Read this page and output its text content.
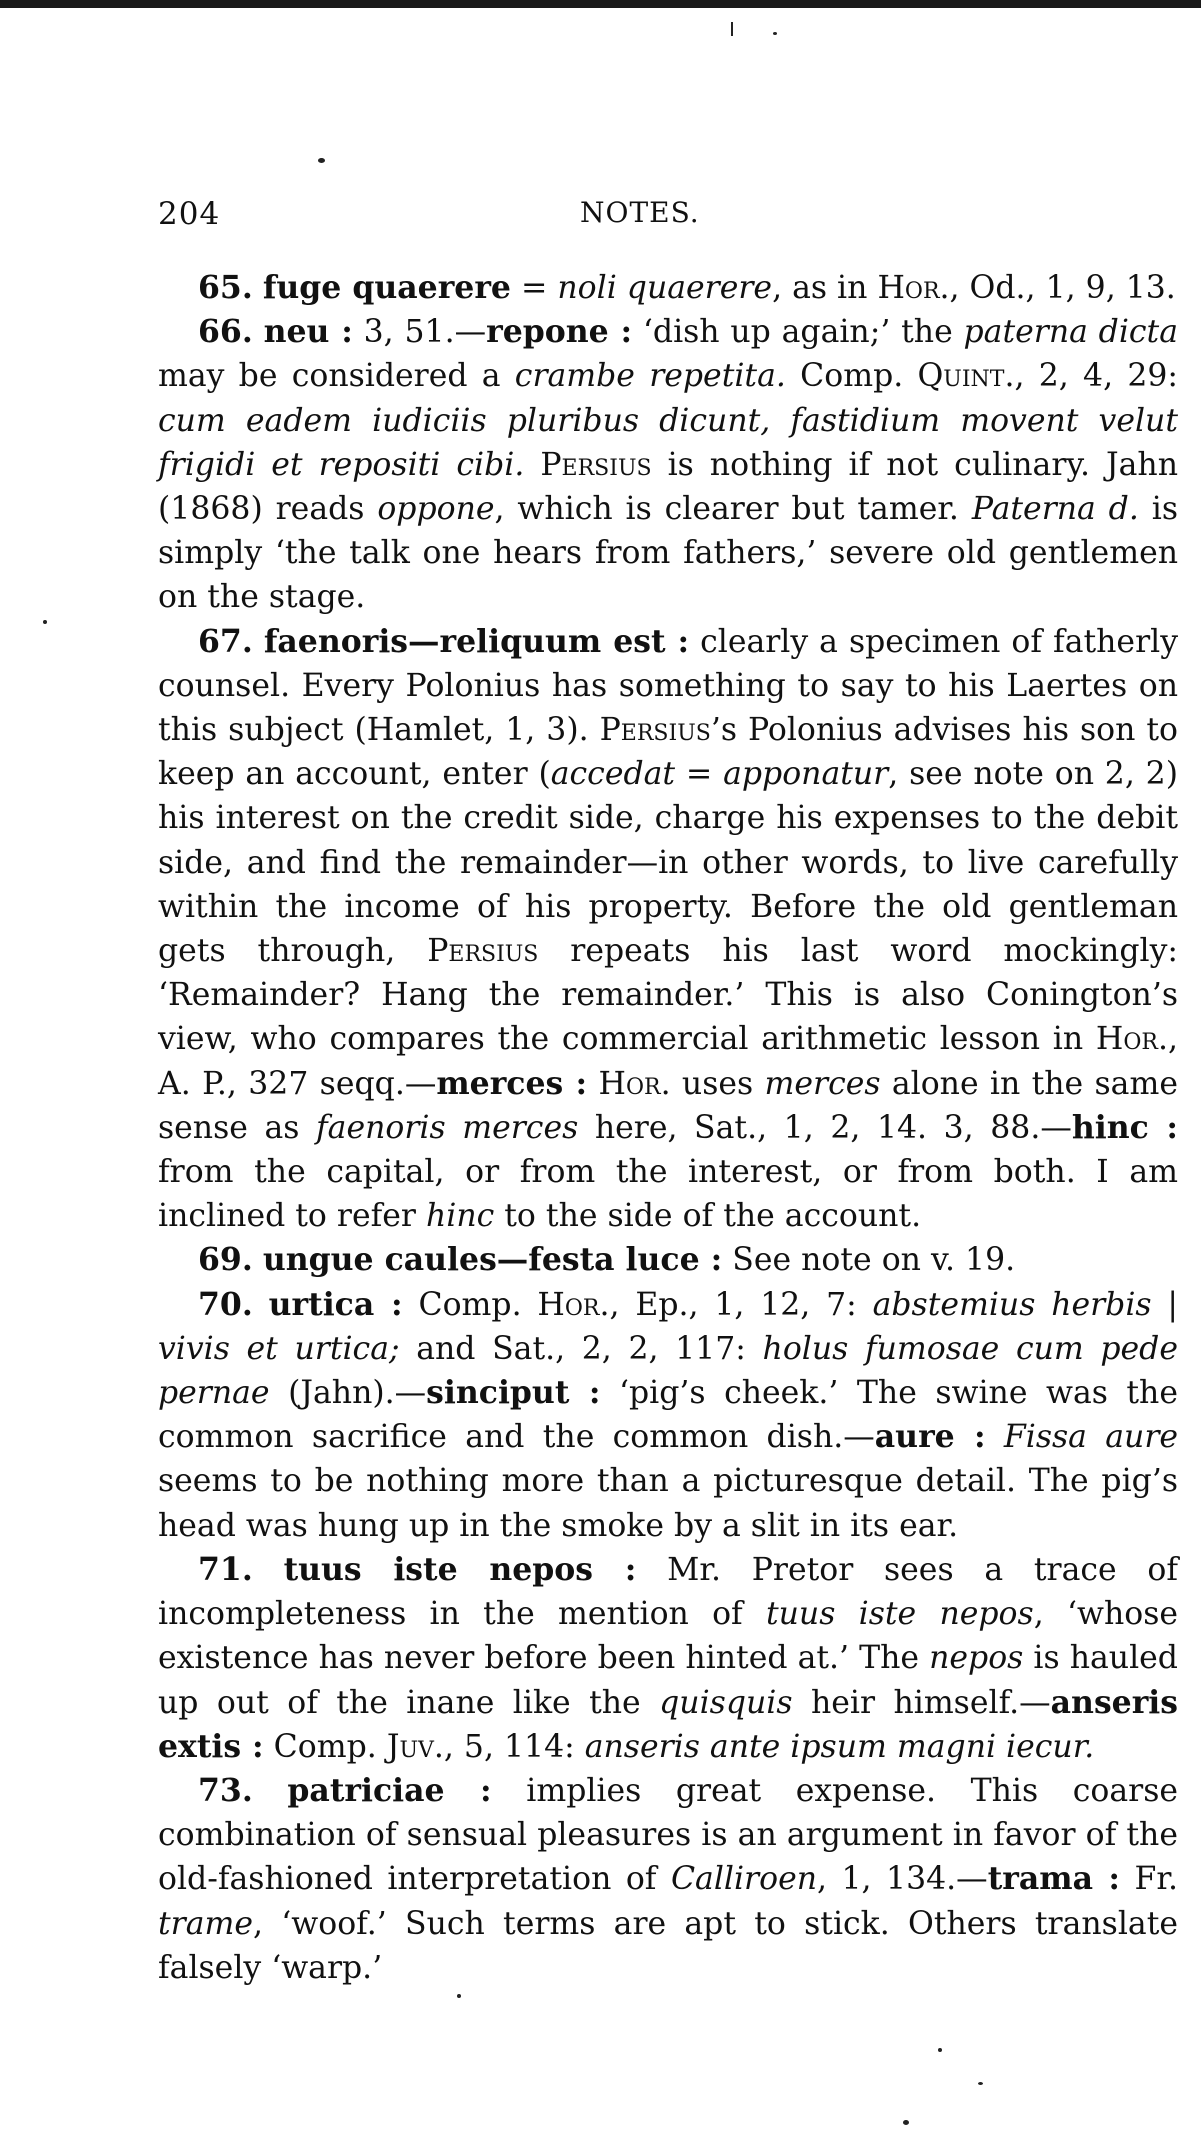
204	NOTES.

65. fuge quaerere = noli quaerere, as in Hor., Od., 1, 9, 13.

66. neu : 3, 51.—repone : ‘dish up again;’ the paterna dicta may be considered a crambe repetita. Comp. Quint., 2, 4, 29: cum eadem iudiciis pluribus dicunt, fastidium movent velut frigidi et repositi cibi. Persius is nothing if not culinary. Jahn (1868) reads oppone, which is clearer but tamer. Paterna d. is simply ‘the talk one hears from fathers,’ severe old gentlemen on the stage.

67. faenoris—reliquum est : clearly a specimen of fatherly counsel. Every Polonius has something to say to his Laertes on this subject (Hamlet, 1, 3). Persius’s Polonius advises his son to keep an account, enter (accedat = apponatur, see note on 2, 2) his interest on the credit side, charge his expenses to the debit side, and find the remainder—in other words, to live carefully within the income of his property. Before the old gentleman gets through, Persius repeats his last word mockingly: ‘Remainder? Hang the remainder.’ This is also Conington’s view, who compares the commercial arithmetic lesson in Hor., A. P., 327 seqq.—merces : Hor. uses merces alone in the same sense as faenoris merces here, Sat., 1, 2, 14. 3, 88.—hinc : from the capital, or from the interest, or from both. I am inclined to refer hinc to the side of the account.

69. ungue caules—festa luce : See note on v. 19.

70. urtica : Comp. Hor., Ep., 1, 12, 7: abstemius herbis | vivis et urtica; and Sat., 2, 2, 117: holus fumosae cum pede pernae (Jahn).—sinciput : ‘pig’s cheek.’ The swine was the common sacrifice and the common dish.—aure : Fissa aure seems to be nothing more than a picturesque detail. The pig’s head was hung up in the smoke by a slit in its ear.

71. tuus iste nepos : Mr. Pretor sees a trace of incompleteness in the mention of tuus iste nepos, ‘whose existence has never before been hinted at.’ The nepos is hauled up out of the inane like the quisquis heir himself.—anseris extis : Comp. Juv., 5, 114: anseris ante ipsum magni iecur.

73. patriciae : implies great expense. This coarse combination of sensual pleasures is an argument in favor of the old-fashioned interpretation of Calliroen, 1, 134.—trama : Fr. trame, ‘woof.’ Such terms are apt to stick. Others translate falsely ‘warp.’
